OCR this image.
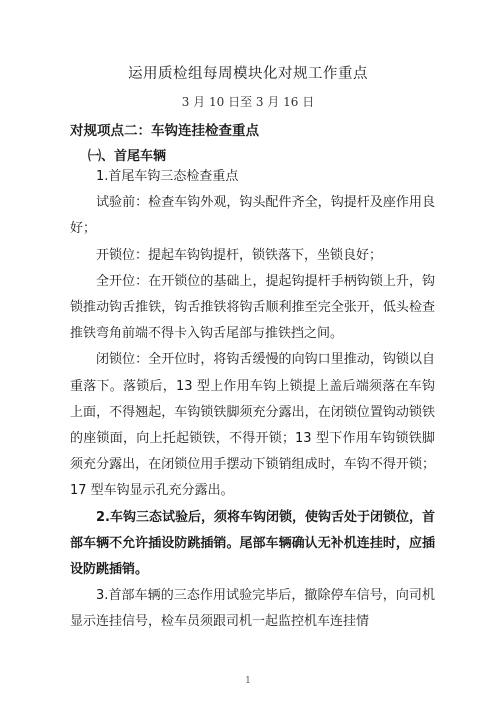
运用质检组每周模块化对规工作重点
3 月 10 日至 3 月 16 日
对规项点二：车钩连挂检查重点
㈠、首尾车辆

1.首尾车钩三态检查重点

试验前：检查车钩外观，钩头配件齐全，钩提杆及座作用良好；

开锁位：提起车钩钩提杆，锁铁落下，坐锁良好；

全开位：在开锁位的基础上，提起钩提杆手柄钩锁上升，钩锁推动钩舌推铁，钩舌推铁将钩舌顺利推至完全张开，低头检查推铁弯角前端不得卡入钩舌尾部与推铁挡之间。

闭锁位：全开位时，将钩舌缓慢的向钩口里推动，钩锁以自重落下。落锁后，13 型上作用车钩上锁提上盖后端须落在车钩上面，不得翘起，车钩锁铁脚须充分露出，在闭锁位置钩动锁铁的座锁面，向上托起锁铁，不得开锁；13 型下作用车钩锁铁脚须充分露出，在闭锁位用手摆动下锁销组成时，车钩不得开锁；17 型车钩显示孔充分露出。

2.车钩三态试验后，须将车钩闭锁，使钩舌处于闭锁位，首部车辆不允许插设防跳插销。尾部车辆确认无补机连挂时，应插设防跳插销。

3.首部车辆的三态作用试验完毕后，撤除停车信号，向司机显示连挂信号，检车员须跟司机一起监控机车连挂情

1
